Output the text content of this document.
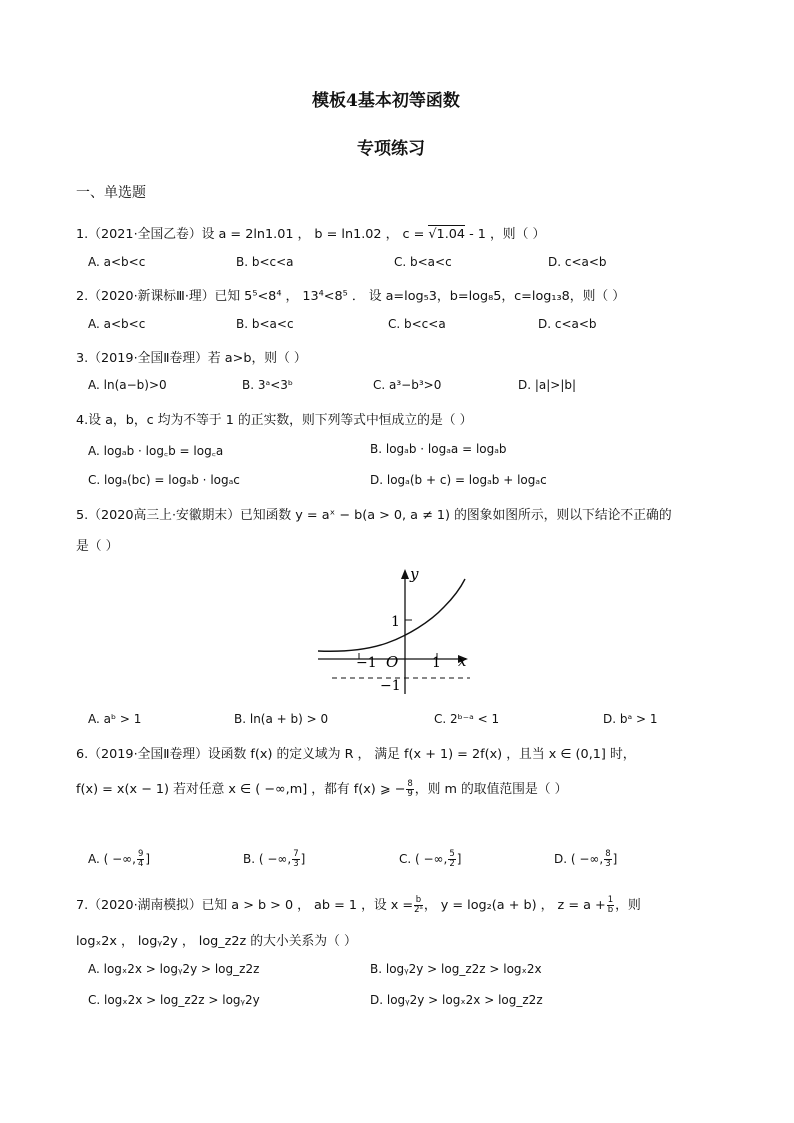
模板4基本初等函数
专项练习
一、单选题
1.（2021·全国乙卷）设 a = 2ln1.01 ， b = ln1.02 ， c = √1.04 - 1 ，则（ ）
A. a<b<c	B. b<c<a	C. b<a<c	D. c<a<b
2.（2020·新课标Ⅲ·理）已知 5⁵<8⁴ ， 13⁴<8⁵ ． 设 a=log₅3，b=log₈5，c=log₁₃8，则（ ）
A. a<b<c	B. b<a<c	C. b<c<a	D. c<a<b
3.（2019·全国Ⅱ卷理）若 a>b，则（ ）
A. ln(a−b)>0	B. 3ᵃ<3ᵇ	C. a³−b³>0	D. |a|>|b|
4.设 a，b，c 均为不等于 1 的正实数，则下列等式中恒成立的是（ ）
A. logₐb · log꜀b = log꜀a	B. logₐb · logₐa = logₐb
C. logₐ(bc) = logₐb · logₐc	D. logₐ(b + c) = logₐb + logₐc
5.（2020高三上·安徽期末）已知函数 y = aˣ − b(a > 0, a ≠ 1) 的图象如图所示，则以下结论不正确的
是（ ）
y
x
1
−1 O 1
−1
A. aᵇ > 1	B. ln(a + b) > 0	C. 2ᵇ⁻ᵃ < 1	D. bᵃ > 1
6.（2019·全国Ⅱ卷理）设函数 f(x) 的定义域为 R ， 满足 f(x + 1) = 2f(x) ，且当 x ∈ (0,1] 时，
f(x) = x(x − 1) 若对任意 x ∈ ( −∞,m] ，都有 f(x) ⩾ − $\frac{8}{9}$ ，则 m 的取值范围是（ ）
A. ( −∞, $\frac{9}{4}$ ]	B. ( −∞, $\frac{7}{3}$ ]	C. ( −∞, $\frac{5}{2}$ ]	D. ( −∞, $\frac{8}{3}$ ]
7.（2020·湖南模拟）已知 a > b > 0 ， ab = 1 ，设 $x = \frac{b}{\text{2ᵃ}}$ ， y = log₂(a + b) ， $z = a + \frac{1}{b}$ ，则
logₓ2x ， logᵧ2y ， log_z2z 的大小关系为（ ）
A. logₓ2x > logᵧ2y > log_z2z	B. logᵧ2y > log_z2z > logₓ2x
C. logₓ2x > log_z2z > logᵧ2y	D. logᵧ2y > logₓ2x > log_z2z
